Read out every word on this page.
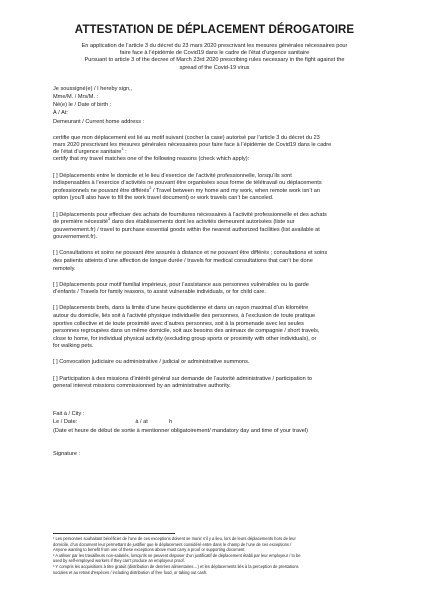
ATTESTATION DE DÉPLACEMENT DÉROGATOIRE
En application de l’article 3 du décret du 23 mars 2020 prescrivant les mesures générales nécessaires pour
faire face à l’épidémie de Covid19 dans le cadre de l’état d’urgence sanitaire
Pursuant to article 3 of the decree of March 23rd 2020 prescribing rules necessary in the fight against the
spread of the Covid-19 virus
Je soussigné(e) / I hereby sign,,
Mme/M. / Mrs/M. :
Né(e) le / Date of birth :
À / At:
Demeurant / Current home address :
certifie que mon déplacement est lié au motif suivant (cocher la case) autorisé par l’article 3 du décret du 23
mars 2020 prescrivant les mesures générales nécessaires pour faire face à l’épidémie de Covid19 dans le cadre
de l’état d’urgence sanitaire$^1$ :
certify that my travel matches one of the following reasons (check which apply):
[ ] Déplacements entre le domicile et le lieu d’exercice de l’activité professionnelle, lorsqu’ils sont
indispensables à l’exercice d’activités ne pouvant être organisées sous forme de télétravail ou déplacements
professionnels ne pouvant être différés$^2$ / Travel between my home and my work, when remote work isn’t an
option (you’ll also have to fill the work travel document) or work travels can’t be canceled.
[ ] Déplacements pour effectuer des achats de fournitures nécessaires à l’activité professionnelle et des achats
de première nécessité$^3$ dans des établissements dont les activités demeurent autorisées (liste sur
gouvernement.fr) / travel to purchase essential goods within the nearest authorized facilities (list available at
gouvernement.fr).
[ ] Consultations et soins ne pouvant être assurés à distance et ne pouvant être différés ; consultations et soins
des patients atteints d’une affection de longue durée / travels for medical consultations that can’t be done
remotely.
[ ] Déplacements pour motif familial impérieux, pour l’assistance aux personnes vulnérables ou la garde
d’enfants / Travels for family reasons, to assist vulnerable individuals, or for child care.
[ ] Déplacements brefs, dans la limite d’une heure quotidienne et dans un rayon maximal d’un kilomètre
autour du domicile, liés soit à l’activité physique individuelle des personnes, à l’exclusion de toute pratique
sportive collective et de toute proximité avec d’autres personnes, soit à la promenade avec les seules
personnes regroupées dans un même domicile, soit aux besoins des animaux de compagnie / short travels,
close to home, for individual physical activity (excluding group sports or proximity with other individuals), or
for walking pets.
[ ] Convocation judiciaire ou administrative / judicial or administrative summons.
[ ] Participation à des missions d’intérêt général sur demande de l’autorité administrative / participation to
general interest missions commissionned by an administrative authority.
Fait à / City :
Le / Date:	à / at	h
(Date et heure de début de sortie à mentionner obligatoirement/ mandatory day and time of your travel)
Signature :

¹ Les personnes souhaitant bénéficier de l’une de ces exceptions doivent se munir s’il y a lieu, lors de leurs déplacements hors de leur

domicile, d’un document leur permettant de justifier que le déplacement considéré entre dans le champ de l’une de ces exceptions /

Anyone wanting to benefit from one of these exceptions above must carry a proof or supporting document.

² A utiliser par les travailleurs non-salariés, lorsqu’ils ne peuvent disposer d’un justificatif de déplacement établi par leur employeur / to be

used by self-employed workers if they can’t produce an employeur proof.

³ Y compris les acquisitions à titre gratuit (distribution de denrées alimentaires…) et les déplacements liés à la perception de prestations

sociales et au retrait d’espèces / including distribution of free food, or taking out cash.
